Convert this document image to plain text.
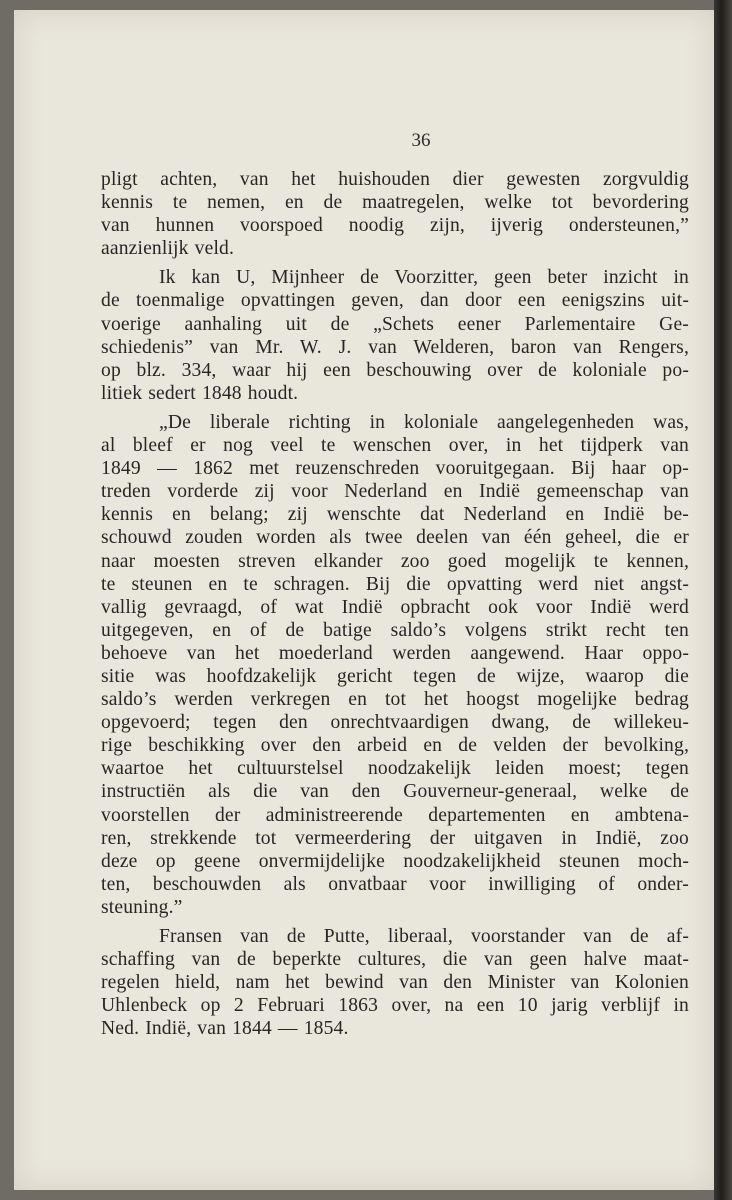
36
pligt achten, van het huishouden dier gewesten zorgvuldig
kennis te nemen, en de maatregelen, welke tot bevordering
van hunnen voorspoed noodig zijn, ijverig ondersteunen,”
aanzienlijk veld.
Ik kan U, Mijnheer de Voorzitter, geen beter inzicht in
de toenmalige opvattingen geven, dan door een eenigszins uit-
voerige aanhaling uit de „Schets eener Parlementaire Ge-
schiedenis” van Mr. W. J. van Welderen, baron van Rengers,
op blz. 334, waar hij een beschouwing over de koloniale po-
litiek sedert 1848 houdt.
„De liberale richting in koloniale aangelegenheden was,
al bleef er nog veel te wenschen over, in het tijdperk van
1849 — 1862 met reuzenschreden vooruitgegaan. Bij haar op-
treden vorderde zij voor Nederland en Indië gemeenschap van
kennis en belang; zij wenschte dat Nederland en Indië be-
schouwd zouden worden als twee deelen van één geheel, die er
naar moesten streven elkander zoo goed mogelijk te kennen,
te steunen en te schragen. Bij die opvatting werd niet angst-
vallig gevraagd, of wat Indië opbracht ook voor Indië werd
uitgegeven, en of de batige saldo’s volgens strikt recht ten
behoeve van het moederland werden aangewend. Haar oppo-
sitie was hoofdzakelijk gericht tegen de wijze, waarop die
saldo’s werden verkregen en tot het hoogst mogelijke bedrag
opgevoerd; tegen den onrechtvaardigen dwang, de willekeu-
rige beschikking over den arbeid en de velden der bevolking,
waartoe het cultuurstelsel noodzakelijk leiden moest; tegen
instructiën als die van den Gouverneur-generaal, welke de
voorstellen der administreerende departementen en ambtena-
ren, strekkende tot vermeerdering der uitgaven in Indië, zoo
deze op geene onvermijdelijke noodzakelijkheid steunen moch-
ten, beschouwden als onvatbaar voor inwilliging of onder-
steuning.”
Fransen van de Putte, liberaal, voorstander van de af-
schaffing van de beperkte cultures, die van geen halve maat-
regelen hield, nam het bewind van den Minister van Kolonien
Uhlenbeck op 2 Februari 1863 over, na een 10 jarig verblijf in
Ned. Indië, van 1844 — 1854.
